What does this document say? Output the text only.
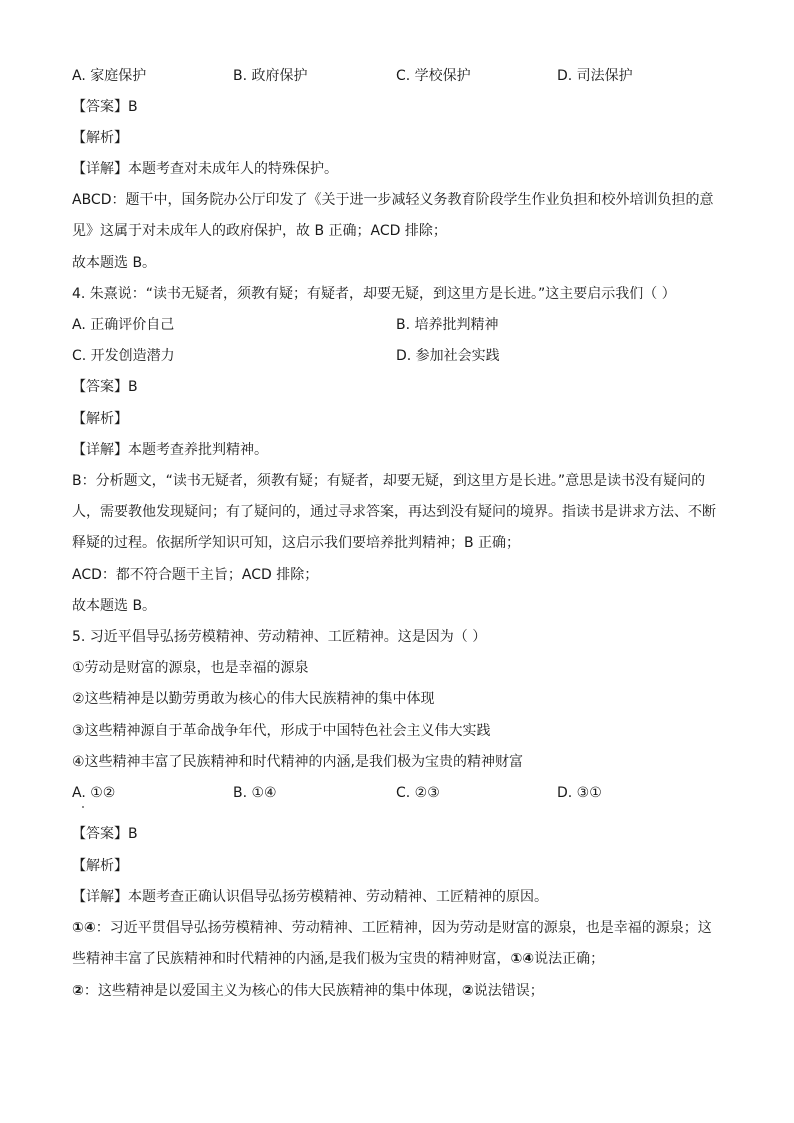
A. 家庭保护	B. 政府保护	C. 学校保护	D. 司法保护
【答案】B
【解析】
【详解】本题考查对未成年人的特殊保护。
ABCD：题干中，国务院办公厅印发了《关于进一步减轻义务教育阶段学生作业负担和校外培训负担的意
见》这属于对未成年人的政府保护，故 B 正确；ACD 排除；
故本题选 B。
4. 朱熹说：“读书无疑者，须教有疑；有疑者，却要无疑，到这里方是长进。”这主要启示我们（ ）
A. 正确评价自己	B. 培养批判精神
C. 开发创造潜力	D. 参加社会实践
【答案】B
【解析】
【详解】本题考查养批判精神。
B：分析题文，“读书无疑者，须教有疑；有疑者，却要无疑，到这里方是长进。”意思是读书没有疑问的
人，需要教他发现疑问；有了疑问的，通过寻求答案，再达到没有疑问的境界。指读书是讲求方法、不断
释疑的过程。依据所学知识可知，这启示我们要培养批判精神；B 正确；
ACD：都不符合题干主旨；ACD 排除；
故本题选 B。
5. 习近平倡导弘扬劳模精神、劳动精神、工匠精神。这是因为（ ）
①劳动是财富的源泉，也是幸福的源泉
②这些精神是以勤劳勇敢为核心的伟大民族精神的集中体现
③这些精神源自于革命战争年代，形成于中国特色社会主义伟大实践
④这些精神丰富了民族精神和时代精神的内涵,是我们极为宝贵的精神财富
A. ①②	B. ①④	C. ②③	D. ③①
【答案】B
【解析】
【详解】本题考查正确认识倡导弘扬劳模精神、劳动精神、工匠精神的原因。
①④：习近平贯倡导弘扬劳模精神、劳动精神、工匠精神，因为劳动是财富的源泉，也是幸福的源泉；这
些精神丰富了民族精神和时代精神的内涵,是我们极为宝贵的精神财富，①④说法正确；
②：这些精神是以爱国主义为核心的伟大民族精神的集中体现，②说法错误；
